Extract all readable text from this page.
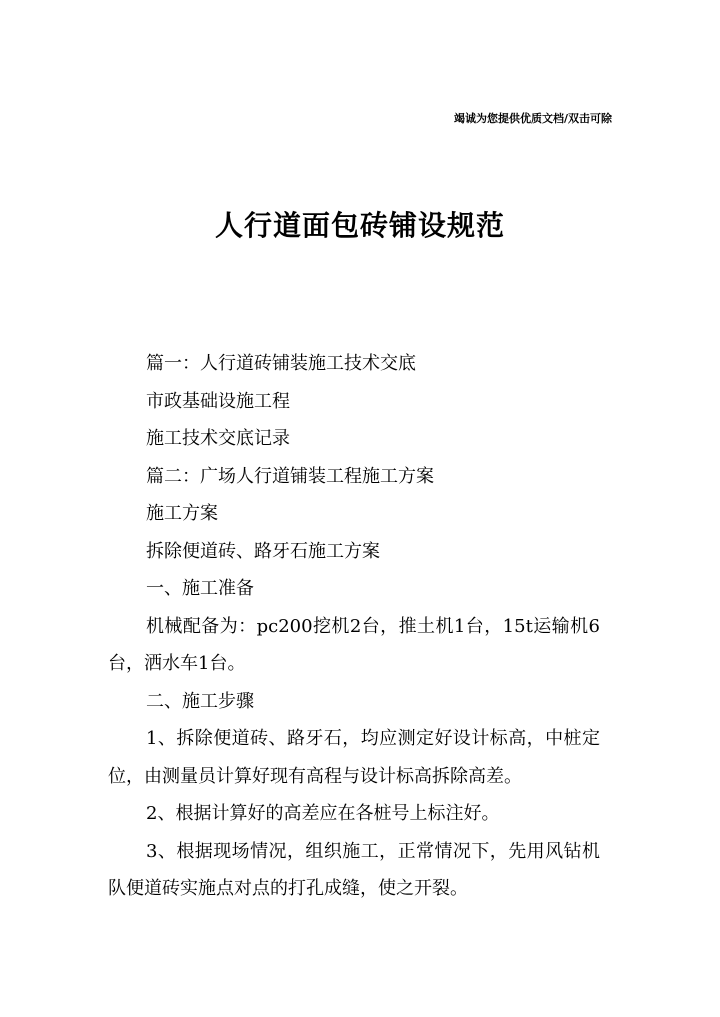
竭诚为您提供优质文档/双击可除
人行道面包砖铺设规范

篇一：人行道砖铺装施工技术交底

市政基础设施工程

施工技术交底记录

篇二：广场人行道铺装工程施工方案

施工方案

拆除便道砖、路牙石施工方案

一、施工准备

机械配备为：pc200挖机2台，推土机1台，15t运输机6台，洒水车1台。

二、施工步骤

1、拆除便道砖、路牙石，均应测定好设计标高，中桩定位，由测量员计算好现有高程与设计标高拆除高差。

2、根据计算好的高差应在各桩号上标注好。

3、根据现场情况，组织施工，正常情况下，先用风钻机队便道砖实施点对点的打孔成缝，使之开裂。
